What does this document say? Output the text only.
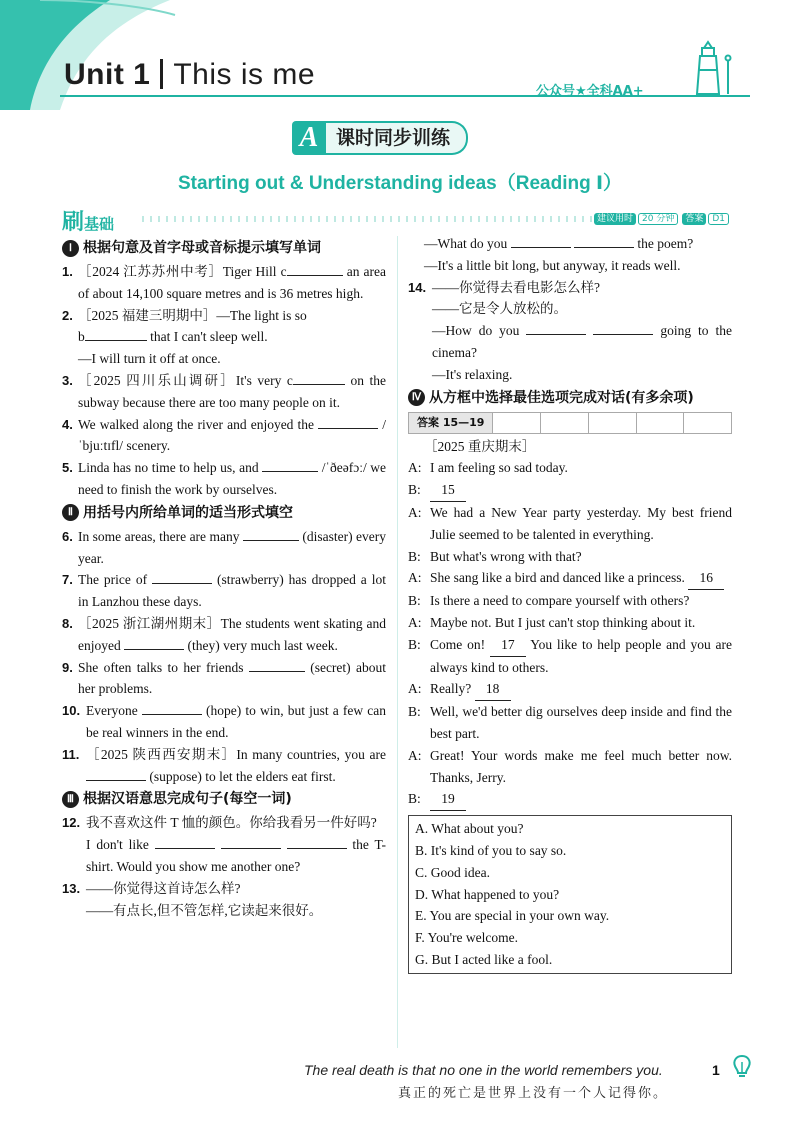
Unit 1 This is me
公众号★全科AA+
A 课时同步训练
Starting out & Understanding ideas（Reading Ⅰ）
刷基础	建议用时 20 分钟 答案 D1
Ⅰ 根据句意及首字母或音标提示填写单词
1. ［2024 江苏苏州中考］Tiger Hill c	an area of about 14,100 square metres and is 36 metres high.
2. ［2025 福建三明期中］—The light is so
b	that I can't sleep well.
—I will turn it off at once.
3. ［2025 四川乐山调研］It's very c	on the subway because there are too many people on it.
4. We walked along the river and enjoyed the	/ˈbjuːtɪfl/ scenery.
5. Linda has no time to help us, and	/ˈðeəfɔː/ we need to finish the work by ourselves.
Ⅱ 用括号内所给单词的适当形式填空
6. In some areas, there are many	(disaster) every year.
7. The price of	(strawberry) has dropped a lot in Lanzhou these days.
8. ［2025 浙江湖州期末］The students went skating and enjoyed	(they) very much last week.
9. She often talks to her friends	(secret) about her problems.
10. Everyone	(hope) to win, but just a few can be real winners in the end.
11. ［2025 陕西西安期末］In many countries, you are  (suppose) to let the elders eat first.
Ⅲ 根据汉语意思完成句子(每空一词)
12. 我不喜欢这件 T 恤的颜色。你给我看另一件好吗?
I don't like	the T-shirt. Would you show me another one?
13. ——你觉得这首诗怎么样?
——有点长,但不管怎样,它读起来很好。
—What do you	the poem?
—It's a little bit long, but anyway, it reads well.
14. ——你觉得去看电影怎么样?
——它是令人放松的。
—How do you	going to the cinema?
—It's relaxing.
Ⅳ 从方框中选择最佳选项完成对话(有多余项)
答案 15—19
［2025 重庆期末］
A: I am feeling so sad today.
B:	15
A: We had a New Year party yesterday. My best friend Julie seemed to be talented in everything.
B: But what's wrong with that?
A: She sang like a bird and danced like a princess. 16
B: Is there a need to compare yourself with others?
A: Maybe not. But I just can't stop thinking about it.
B: Come on! 17 You like to help people and you are always kind to others.
A: Really? 18
B: Well, we'd better dig ourselves deep inside and find the best part.
A: Great! Your words make me feel much better now. Thanks, Jerry.
B:	19
A. What about you?
B. It's kind of you to say so.
C. Good idea.
D. What happened to you?
E. You are special in your own way.
F. You're welcome.
G. But I acted like a fool.
The real death is that no one in the world remembers you.
真正的死亡是世界上没有一个人记得你。
1
